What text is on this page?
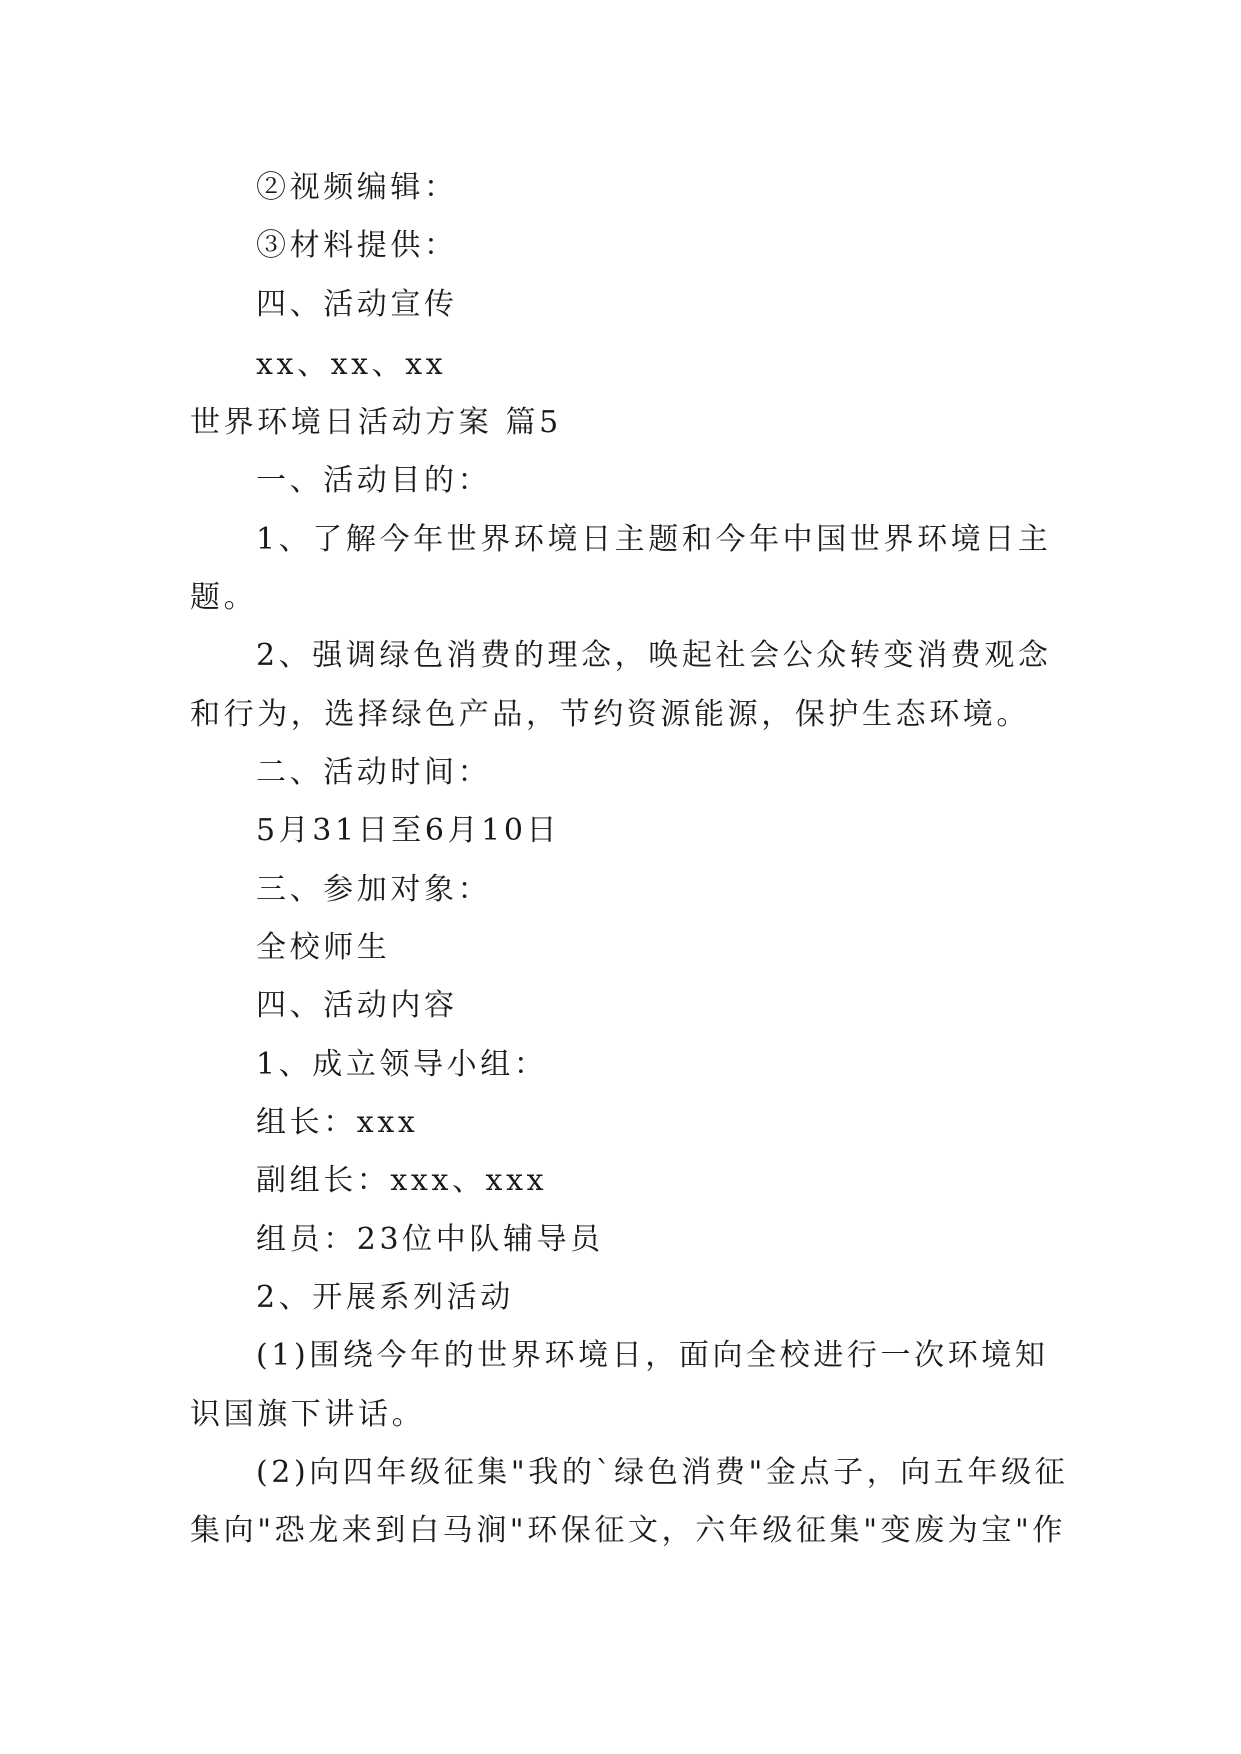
②视频编辑：
③材料提供：
四、活动宣传
xx、xx、xx
世界环境日活动方案 篇5
一、活动目的：
1、了解今年世界环境日主题和今年中国世界环境日主
题。
2、强调绿色消费的理念，唤起社会公众转变消费观念
和行为，选择绿色产品，节约资源能源，保护生态环境。
二、活动时间：
5月31日至6月10日
三、参加对象：
全校师生
四、活动内容
1、成立领导小组：
组长：xxx
副组长：xxx、xxx
组员：23位中队辅导员
2、开展系列活动
(1)围绕今年的世界环境日，面向全校进行一次环境知
识国旗下讲话。
(2)向四年级征集"我的`绿色消费"金点子，向五年级征
集向"恐龙来到白马涧"环保征文，六年级征集"变废为宝"作
